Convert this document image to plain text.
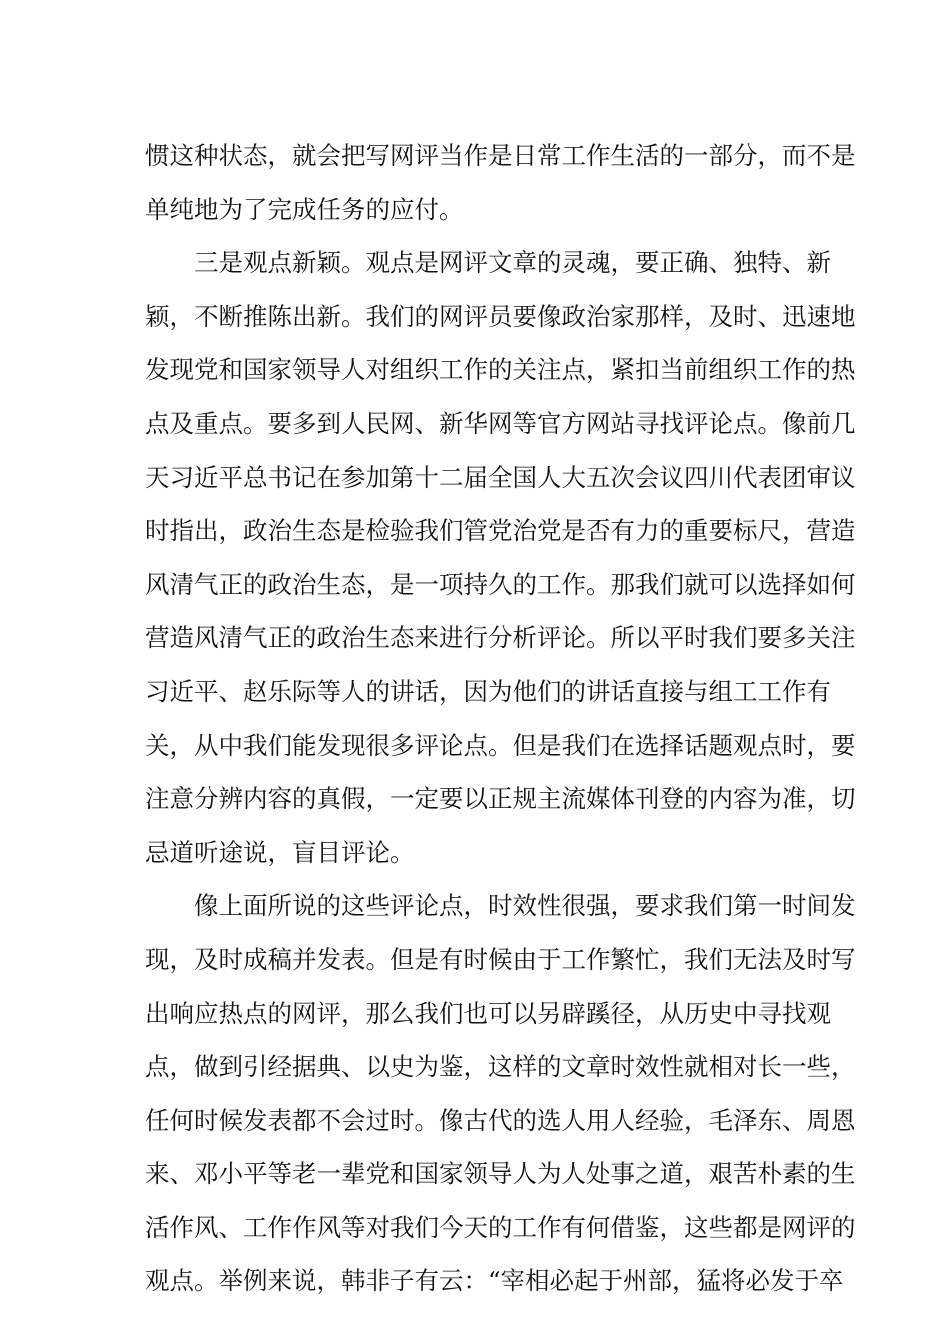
惯这种状态，就会把写网评当作是日常工作生活的一部分，而不是
单纯地为了完成任务的应付。
三是观点新颖。观点是网评文章的灵魂，要正确、独特、新
颖，不断推陈出新。我们的网评员要像政治家那样，及时、迅速地
发现党和国家领导人对组织工作的关注点，紧扣当前组织工作的热
点及重点。要多到人民网、新华网等官方网站寻找评论点。像前几
天习近平总书记在参加第十二届全国人大五次会议四川代表团审议
时指出，政治生态是检验我们管党治党是否有力的重要标尺，营造
风清气正的政治生态，是一项持久的工作。那我们就可以选择如何
营造风清气正的政治生态来进行分析评论。所以平时我们要多关注
习近平、赵乐际等人的讲话，因为他们的讲话直接与组工工作有
关，从中我们能发现很多评论点。但是我们在选择话题观点时，要
注意分辨内容的真假，一定要以正规主流媒体刊登的内容为准，切
忌道听途说，盲目评论。
像上面所说的这些评论点，时效性很强，要求我们第一时间发
现，及时成稿并发表。但是有时候由于工作繁忙，我们无法及时写
出响应热点的网评，那么我们也可以另辟蹊径，从历史中寻找观
点，做到引经据典、以史为鉴，这样的文章时效性就相对长一些，
任何时候发表都不会过时。像古代的选人用人经验，毛泽东、周恩
来、邓小平等老一辈党和国家领导人为人处事之道，艰苦朴素的生
活作风、工作作风等对我们今天的工作有何借鉴，这些都是网评的
观点。举例来说，韩非子有云：“宰相必起于州部，猛将必发于卒
